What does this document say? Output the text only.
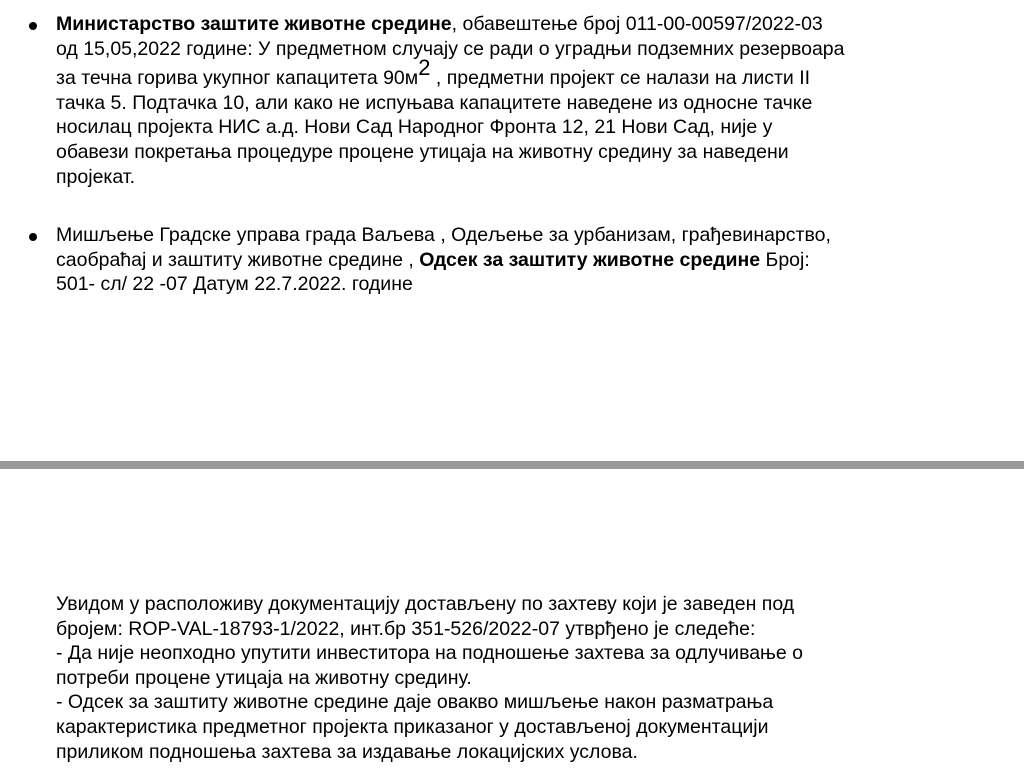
Министарство заштите животне средине, обавештење број 011-00-00597/2022-03
од 15,05,2022 године: У предметном случају се ради о уградњи подземних резервоара
за течна горива укупног капацитета 90м2 , предметни пројект се налази на листи II
тачка 5. Подтачка 10, али како не испуњава капацитете наведене из односне тачке
носилац пројекта НИС а.д. Нови Сад Народног Фронта 12, 21 Нови Сад, није у
обавези покретања процедуре процене утицаја на животну средину за наведени
пројекат.

Мишљење Градске управа града Ваљева , Одељење за урбанизам, грађевинарство,
саобраћај и заштиту животне средине , Одсек за заштиту животне средине Број:
501- сл/ 22 -07 Датум 22.7.2022. године

Увидом у расположиву документацију достављену по захтеву који је заведен под
бројем: ROP-VAL-18793-1/2022, инт.бр 351-526/2022-07 утврђено је следеће:
- Да није неопходно упутити инвеститора на подношење захтева за одлучивање о
потреби процене утицаја на животну средину.
- Одсек за заштиту животне средине даје овакво мишљење након разматрања
карактеристика предметног пројекта приказаног у достављеној документацији
приликом подношења захтева за издавање локацијских услова.
